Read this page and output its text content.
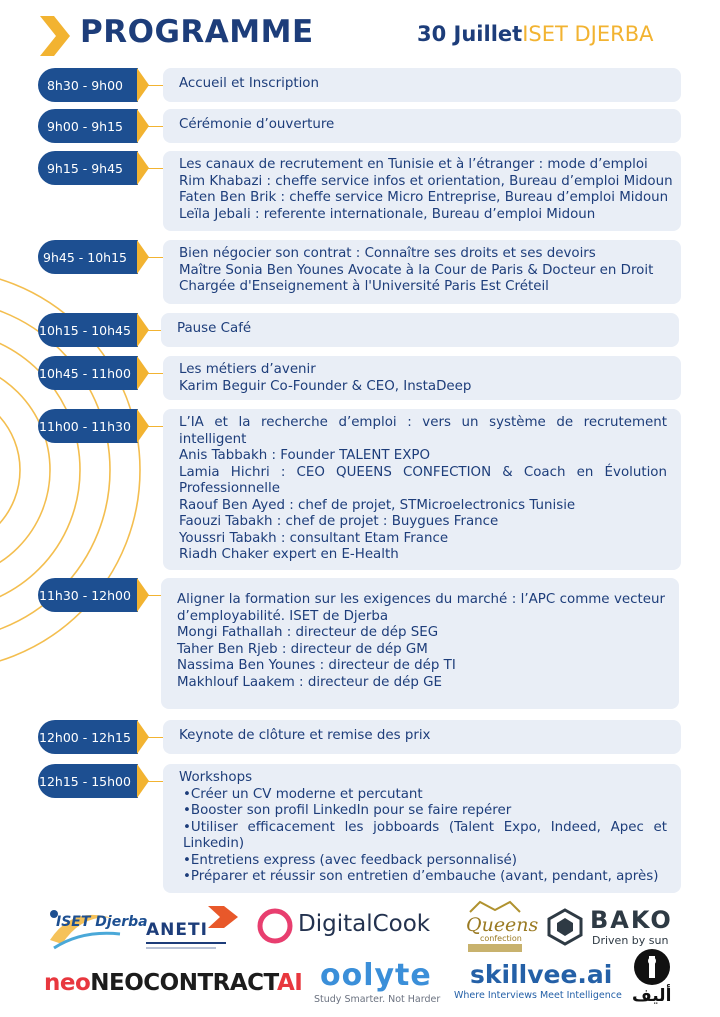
PROGRAMME	30 JuilletISET DJERBA
8h30 - 9h00	Accueil et Inscription
9h00 - 9h15	Cérémonie d’ouverture
9h15 - 9h45	Les canaux de recrutement en Tunisie et à l’étranger : mode d’emploi
Rim Khabazi : cheffe service infos et orientation, Bureau d’emploi Midoun
Faten Ben Brik : cheffe service Micro Entreprise, Bureau d’emploi Midoun
Leïla Jebali : referente internationale, Bureau d’emploi Midoun
9h45 - 10h15	Bien négocier son contrat : Connaître ses droits et ses devoirs
Maître Sonia Ben Younes Avocate à la Cour de Paris & Docteur en Droit
Chargée d'Enseignement à l'Université Paris Est Créteil
10h15 - 10h45	Pause Café
10h45 - 11h00	Les métiers d’avenir
Karim Beguir Co-Founder & CEO, InstaDeep
11h00 - 11h30	L’IA et la recherche d’emploi : vers un système de recrutement intelligent
Anis Tabbakh : Founder TALENT EXPO
Lamia Hichri : CEO QUEENS CONFECTION & Coach en Évolution Professionnelle
Raouf Ben Ayed : chef de projet, STMicroelectronics Tunisie
Faouzi Tabakh : chef de projet : Buygues France
Youssri Tabakh : consultant Etam France
Riadh Chaker expert en E-Health
11h30 - 12h00	Aligner la formation sur les exigences du marché : l’APC comme vecteur d’employabilité. ISET de Djerba
Mongi Fathallah : directeur de dép SEG
Taher Ben Rjeb : directeur de dép GM
Nassima Ben Younes : directeur de dép TI
Makhlouf Laakem : directeur de dép GE
12h00 - 12h15	Keynote de clôture et remise des prix
12h15 - 15h00	Workshops
•Créer un CV moderne et percutant
•Booster son profil LinkedIn pour se faire repérer
•Utiliser efficacement les jobboards (Talent Expo, Indeed, Apec et Linkedin)
•Entretiens express (avec feedback personnalisé)
•Préparer et réussir son entretien d’embauche (avant, pendant, après)
ISET Djerba
ANETI	DigitalCook Queens
confection
BAKO
Driven by sun
neoNEOCONTRACTAI oolyte
Study Smarter. Not Harder
skillvee.ai
Where Interviews Meet Intelligence أليف
